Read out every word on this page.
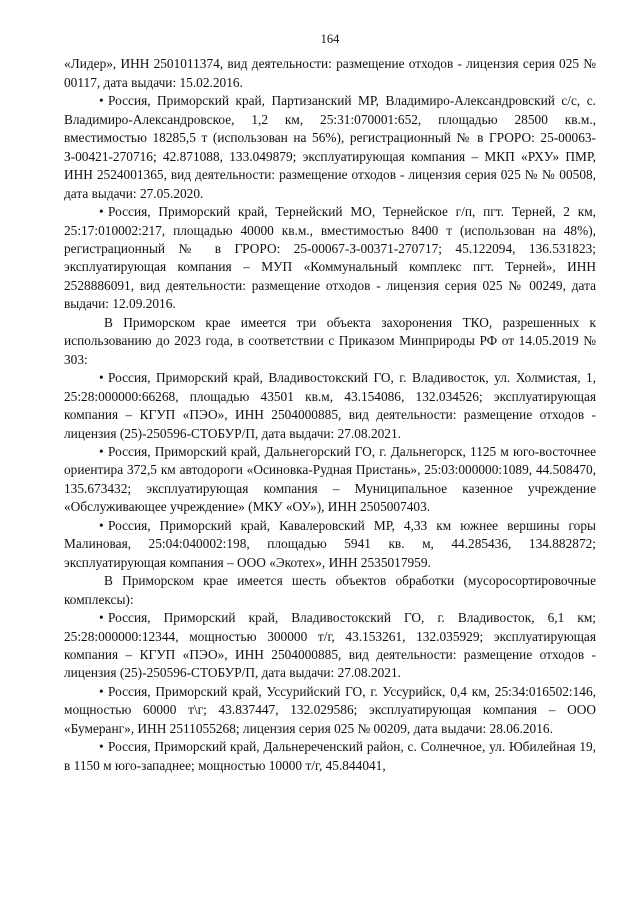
164
«Лидер», ИНН 2501011374, вид деятельности: размещение отходов - лицензия серия 025 № 00117, дата выдачи: 15.02.2016.
• Россия, Приморский край, Партизанский МР, Владимиро-Александровский с/с, с. Владимиро-Александровское, 1,2 км, 25:31:070001:652, площадью 28500 кв.м., вместимостью 18285,5 т (использован на 56%), регистрационный № в ГРОРО: 25-00063-З-00421-270716; 42.871088, 133.049879; эксплуатирующая компания – МКП «РХУ» ПМР, ИНН 2524001365, вид деятельности: размещение отходов - лицензия серия 025 № № 00508, дата выдачи: 27.05.2020.
• Россия, Приморский край, Тернейский МО, Тернейское г/п, пгт. Терней, 2 км, 25:17:010002:217, площадью 40000 кв.м., вместимостью 8400 т (использован на 48%), регистрационный № в ГРОРО: 25-00067-З-00371-270717; 45.122094, 136.531823; эксплуатирующая компания – МУП «Коммунальный комплекс пгт. Терней», ИНН 2528886091, вид деятельности: размещение отходов - лицензия серия 025 № 00249, дата выдачи: 12.09.2016.
В Приморском крае имеется три объекта захоронения ТКО, разрешенных к использованию до 2023 года, в соответствии с Приказом Минприроды РФ от 14.05.2019 № 303:
• Россия, Приморский край, Владивостокский ГО, г. Владивосток, ул. Холмистая, 1, 25:28:000000:66268, площадью 43501 кв.м, 43.154086, 132.034526; эксплуатирующая компания – КГУП «ПЭО», ИНН 2504000885, вид деятельности: размещение отходов - лицензия (25)-250596-СТОБУР/П, дата выдачи: 27.08.2021.
• Россия, Приморский край, Дальнегорский ГО, г. Дальнегорск, 1125 м юго-восточнее ориентира 372,5 км автодороги «Осиновка-Рудная Пристань», 25:03:000000:1089, 44.508470, 135.673432; эксплуатирующая компания – Муниципальное казенное учреждение «Обслуживающее учреждение» (МКУ «ОУ»), ИНН 2505007403.
• Россия, Приморский край, Кавалеровский МР, 4,33 км южнее вершины горы Малиновая, 25:04:040002:198, площадью 5941 кв. м, 44.285436, 134.882872; эксплуатирующая компания – ООО «Экотех», ИНН 2535017959.
В Приморском крае имеется шесть объектов обработки (мусоросортировочные комплексы):
• Россия, Приморский край, Владивостокский ГО, г. Владивосток, 6,1 км; 25:28:000000:12344, мощностью 300000 т/г, 43.153261, 132.035929; эксплуатирующая компания – КГУП «ПЭО», ИНН 2504000885, вид деятельности: размещение отходов - лицензия (25)-250596-СТОБУР/П, дата выдачи: 27.08.2021.
• Россия, Приморский край, Уссурийский ГО, г. Уссурийск, 0,4 км, 25:34:016502:146, мощностью 60000 т\г; 43.837447, 132.029586; эксплуатирующая компания – ООО «Бумеранг», ИНН 2511055268; лицензия серия 025 № 00209, дата выдачи: 28.06.2016.
• Россия, Приморский край, Дальнереченский район, с. Солнечное, ул. Юбилейная 19, в 1150 м юго-западнее; мощностью 10000 т/г, 45.844041,
